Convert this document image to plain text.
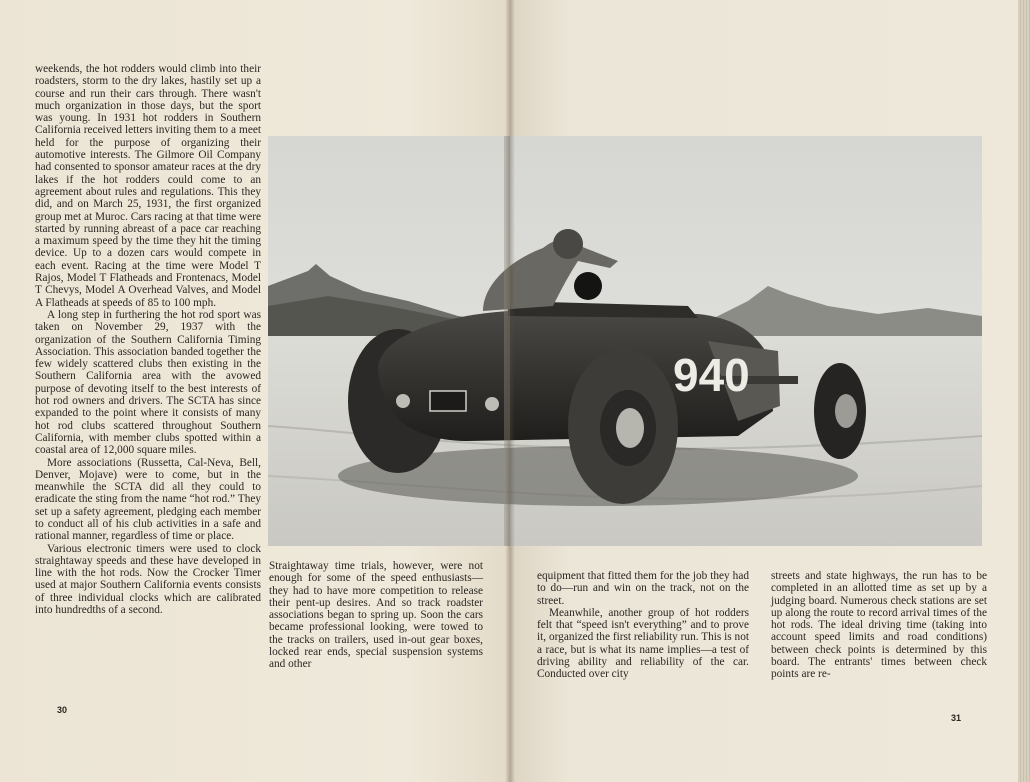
weekends, the hot rodders would climb into their roadsters, storm to the dry lakes, hastily set up a course and run their cars through. There wasn't much organization in those days, but the sport was young. In 1931 hot rodders in Southern California received letters inviting them to a meet held for the purpose of organizing their automotive interests. The Gilmore Oil Company had consented to sponsor amateur races at the dry lakes if the hot rodders could come to an agreement about rules and regulations. This they did, and on March 25, 1931, the first organized group met at Muroc. Cars racing at that time were started by running abreast of a pace car reaching a maximum speed by the time they hit the timing device. Up to a dozen cars would compete in each event. Racing at the time were Model T Rajos, Model T Flatheads and Frontenacs, Model T Chevys, Model A Overhead Valves, and Model A Flatheads at speeds of 85 to 100 mph.

A long step in furthering the hot rod sport was taken on November 29, 1937 with the organization of the Southern California Timing Association. This association banded together the few widely scattered clubs then existing in the Southern California area with the avowed purpose of devoting itself to the best interests of hot rod owners and drivers. The SCTA has since expanded to the point where it consists of many hot rod clubs scattered throughout Southern California, with member clubs spotted within a coastal area of 12,000 square miles.

More associations (Russetta, Cal-Neva, Bell, Denver, Mojave) were to come, but in the meanwhile the SCTA did all they could to eradicate the sting from the name “hot rod.” They set up a safety agreement, pledging each member to conduct all of his club activities in a safe and rational manner, regardless of time or place.

Various electronic timers were used to clock straightaway speeds and these have developed in line with the hot rods. Now the Crocker Timer used at major Southern California events consists of three individual clocks which are calibrated into hundredths of a second.

Straightaway time trials, however, were not enough for some of the speed enthusiasts—they had to have more competition to release their pent-up desires. And so track roadster associations began to spring up. Soon the cars became professional looking, were towed to the tracks on trailers, used in-out gear boxes, locked rear ends, special suspension systems and other

equipment that fitted them for the job they had to do—run and win on the track, not on the street.

Meanwhile, another group of hot rodders felt that “speed isn't everything” and to prove it, organized the first reliability run. This is not a race, but is what its name implies—a test of driving ability and reliability of the car. Conducted over city

streets and state highways, the run has to be completed in an allotted time as set up by a judging board. Numerous check stations are set up along the route to record arrival times of the hot rods. The ideal driving time (taking into account speed limits and road conditions) between check points is determined by this board. The entrants' times between check points are re-

940
30
31
